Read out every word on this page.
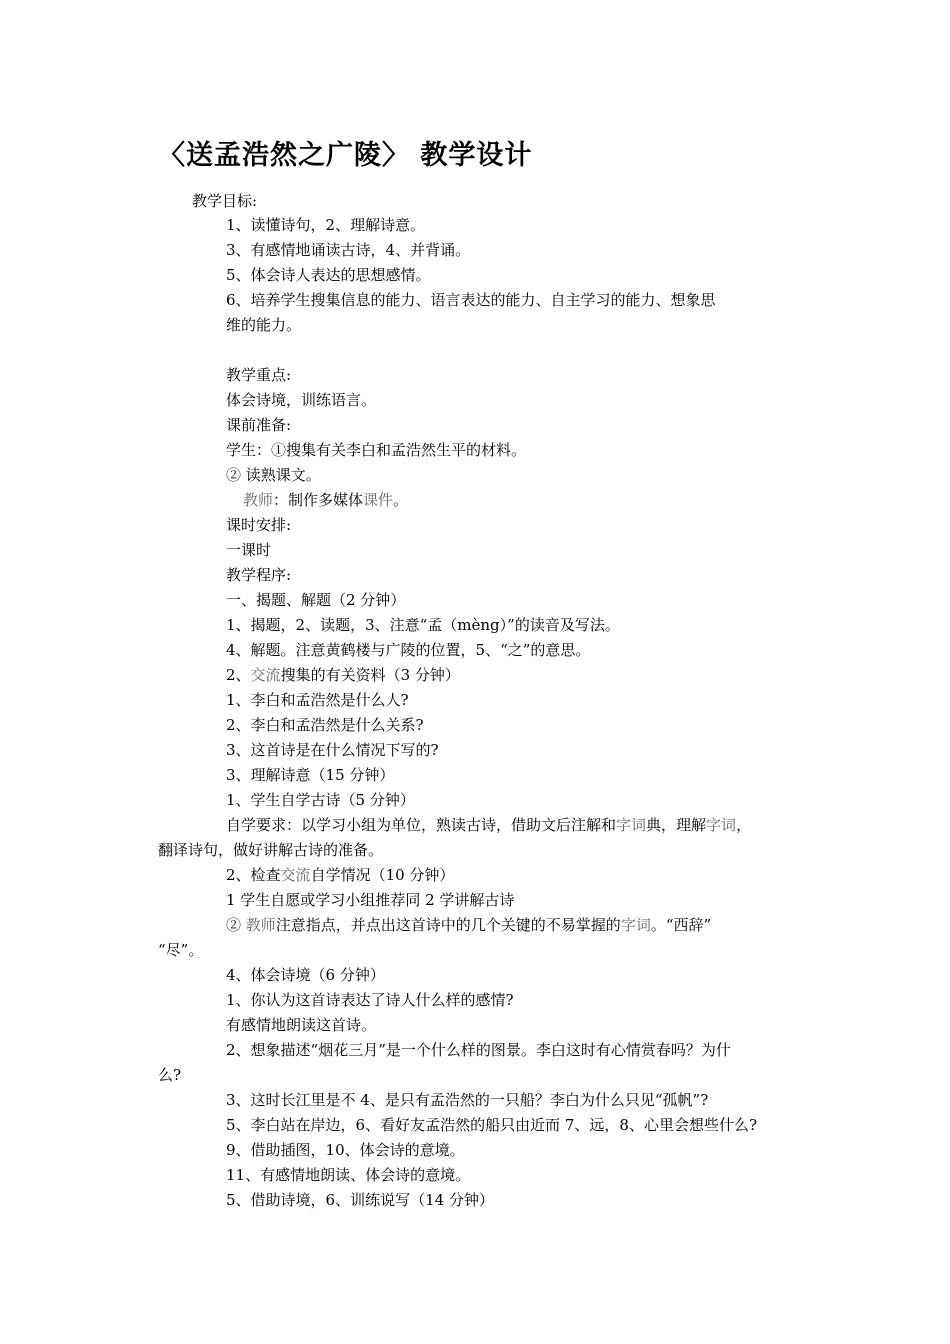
〈送孟浩然之广陵〉 教学设计
教学目标:
1、读懂诗句，2、理解诗意。
3、有感情地诵读古诗，4、并背诵。
5、体会诗人表达的思想感情。
6、培养学生搜集信息的能力、语言表达的能力、自主学习的能力、想象思
维的能力。
教学重点:
体会诗境，训练语言。
课前准备:
学生：①搜集有关李白和孟浩然生平的材料。
② 读熟课文。
教师：制作多媒体课件。
课时安排:
一课时
教学程序:
一、揭题、解题（2 分钟）
1、揭题，2、读题，3、注意“孟（mèng）”的读音及写法。
4、解题。注意黄鹤楼与广陵的位置，5、“之”的意思。
2、交流搜集的有关资料（3 分钟）
1、李白和孟浩然是什么人?
2、李白和孟浩然是什么关系?
3、这首诗是在什么情况下写的?
3、理解诗意（15 分钟）
1、学生自学古诗（5 分钟）
自学要求：以学习小组为单位，熟读古诗，借助文后注解和字词典，理解字词，
翻译诗句，做好讲解古诗的准备。
2、检查交流自学情况（10 分钟）
1 学生自愿或学习小组推荐同 2 学讲解古诗
② 教师注意指点，并点出这首诗中的几个关键的不易掌握的字词。“西辞”
“尽”。
4、体会诗境（6 分钟）
1、你认为这首诗表达了诗人什么样的感情?
有感情地朗读这首诗。
2、想象描述“烟花三月”是一个什么样的图景。李白这时有心情赏春吗？为什
么?
3、这时长江里是不 4、是只有孟浩然的一只船？李白为什么只见“孤帆”?
5、李白站在岸边，6、看好友孟浩然的船只由近而 7、远，8、心里会想些什么?
9、借助插图，10、体会诗的意境。
11、有感情地朗读、体会诗的意境。
5、借助诗境，6、训练说写（14 分钟）
